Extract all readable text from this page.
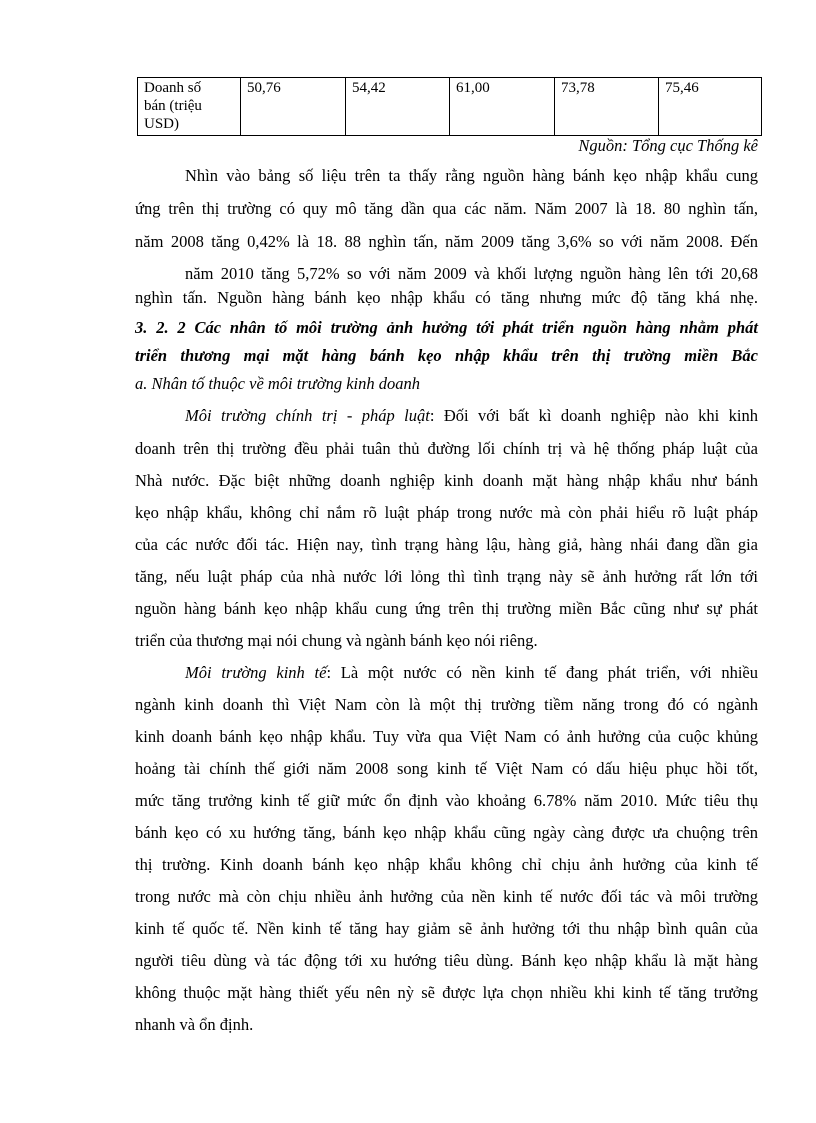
Doanh số
bán (triệu
USD)	50,76	54,42	61,00	73,78	75,46
Nguồn: Tổng cục Thống kê
Nhìn vào bảng số liệu trên ta thấy rằng nguồn hàng bánh kẹo nhập khẩu cung
ứng trên thị trường có quy mô tăng dần qua các năm. Năm 2007 là 18. 80 nghìn tấn,
năm 2008 tăng 0,42% là 18. 88 nghìn tấn, năm 2009 tăng 3,6% so với năm 2008. Đến
năm 2010 tăng 5,72% so với năm 2009 và khối lượng nguồn hàng lên tới 20,68
nghìn tấn. Nguồn hàng bánh kẹo nhập khẩu có tăng nhưng mức độ tăng khá nhẹ.
3. 2. 2 Các nhân tố môi trường ảnh hưởng tới phát triển nguồn hàng nhằm phát
triển thương mại mặt hàng bánh kẹo nhập khẩu trên thị trường miền Bắc
a. Nhân tố thuộc về môi trường kinh doanh
Môi trường chính trị - pháp luật: Đối với bất kì doanh nghiệp nào khi kinh
doanh trên thị trường đều phải tuân thủ đường lối chính trị và hệ thống pháp luật của
Nhà nước. Đặc biệt những doanh nghiệp kinh doanh mặt hàng nhập khẩu như bánh
kẹo nhập khẩu, không chỉ nắm rõ luật pháp trong nước mà còn phải hiểu rõ luật pháp
của các nước đối tác. Hiện nay, tình trạng hàng lậu, hàng giả, hàng nhái đang dần gia
tăng, nếu luật pháp của nhà nước lới lỏng thì tình trạng này sẽ ảnh hưởng rất lớn tới
nguồn hàng bánh kẹo nhập khẩu cung ứng trên thị trường miền Bắc cũng như sự phát
triển của thương mại nói chung và ngành bánh kẹo nói riêng.
Môi trường kinh tế: Là một nước có nền kinh tế đang phát triển, với nhiều
ngành kinh doanh thì Việt Nam còn là một thị trường tiềm năng trong đó có ngành
kinh doanh bánh kẹo nhập khẩu. Tuy vừa qua Việt Nam có ảnh hưởng của cuộc khủng
hoảng tài chính thế giới năm 2008 song kinh tế Việt Nam có dấu hiệu phục hồi tốt,
mức tăng trưởng kinh tế giữ mức ổn định vào khoảng 6.78% năm 2010. Mức tiêu thụ
bánh kẹo có xu hướng tăng, bánh kẹo nhập khẩu cũng ngày càng được ưa chuộng trên
thị trường. Kinh doanh bánh kẹo nhập khẩu không chỉ chịu ảnh hưởng của kinh tế
trong nước mà còn chịu nhiều ảnh hưởng của nền kinh tế nước đối tác và môi trường
kinh tế quốc tế. Nền kinh tế tăng hay giảm sẽ ảnh hưởng tới thu nhập bình quân của
người tiêu dùng và tác động tới xu hướng tiêu dùng. Bánh kẹo nhập khẩu là mặt hàng
không thuộc mặt hàng thiết yếu nên nỳ sẽ được lựa chọn nhiều khi kinh tế tăng trưởng
nhanh và ổn định.
